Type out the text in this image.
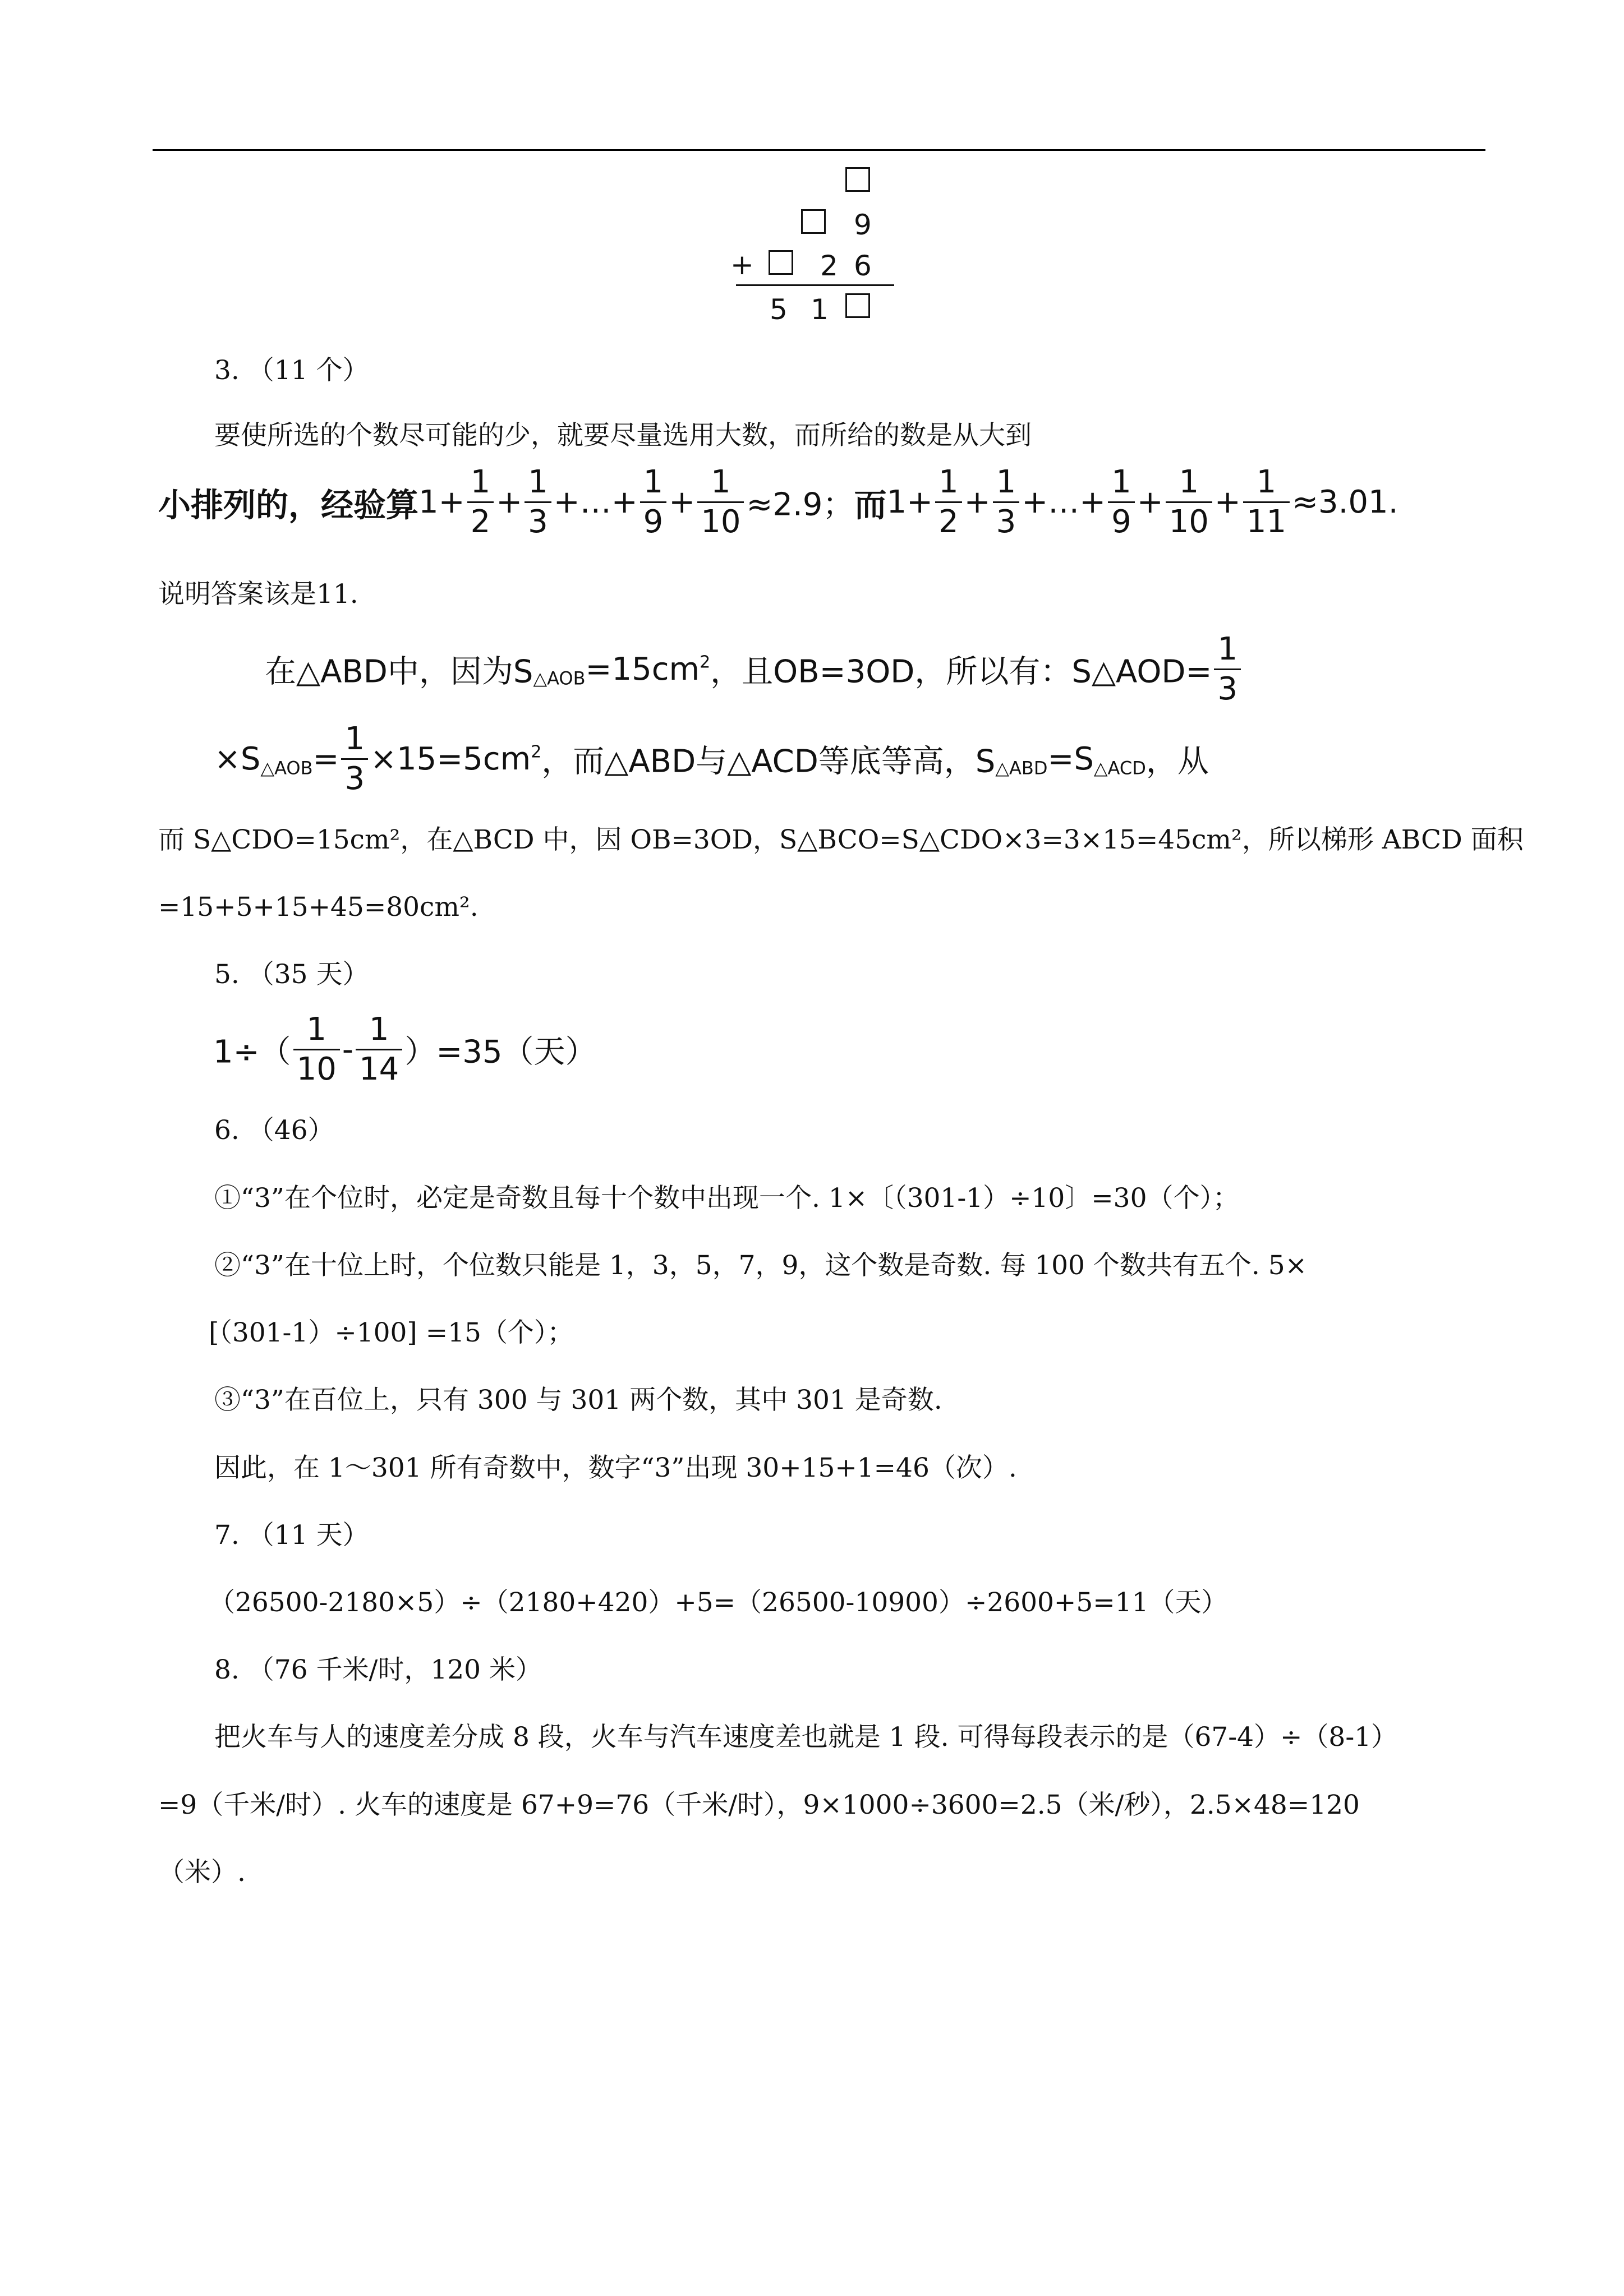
9
+ 2 6
5 1
3. （11 个）
要使所选的个数尽可能的少，就要尽量选用大数，而所给的数是从大到
小排列的，经验算$1+ \frac{1}{2} + \frac{1}{3}$ +…+ $\frac{1}{9} + \frac{1}{10} \approx 2.9$；而$1+ \frac{1}{2} + \frac{1}{3}$ +…+ $\frac{1}{9} + \frac{1}{10} + \frac{1}{11} \approx 3.01$.
说明答案该是11.
在△ABD中，因为$S_{\triangle AOB}=15cm^2$，且OB=3OD，所以有：S△AOD= $\frac{1}{3}$
$\times S_{\triangle AOB}= \frac{1}{3} \times 15=5cm^2$，而△ABD与△ACD等底等高，$S_{\triangle ABD}=S_{\triangle ACD}$，从
而 S△CDO=15cm²，在△BCD 中，因 OB=3OD，S△BCO=S△CDO×3=3×15=45cm²，所以梯形 ABCD 面积
=15+5+15+45=80cm².
5. （35 天）
$1\div( \frac{1}{10} - \frac{1}{14} )=35$（天）
6. （46）
①“3”在个位时，必定是奇数且每十个数中出现一个. 1×〔（301-1）÷10〕=30（个）；
②“3”在十位上时，个位数只能是 1，3，5，7，9，这个数是奇数. 每 100 个数共有五个. 5×
[（301-1）÷100] =15（个）；
③“3”在百位上，只有 300 与 301 两个数，其中 301 是奇数.
因此，在 1～301 所有奇数中，数字“3”出现 30+15+1=46（次）.
7. （11 天）
（26500-2180×5）÷（2180+420）+5=（26500-10900）÷2600+5=11（天）
8. （76 千米/时，120 米）
把火车与人的速度差分成 8 段，火车与汽车速度差也就是 1 段. 可得每段表示的是（67-4）÷（8-1）
=9（千米/时）. 火车的速度是 67+9=76（千米/时），9×1000÷3600=2.5（米/秒），2.5×48=120
（米）.
